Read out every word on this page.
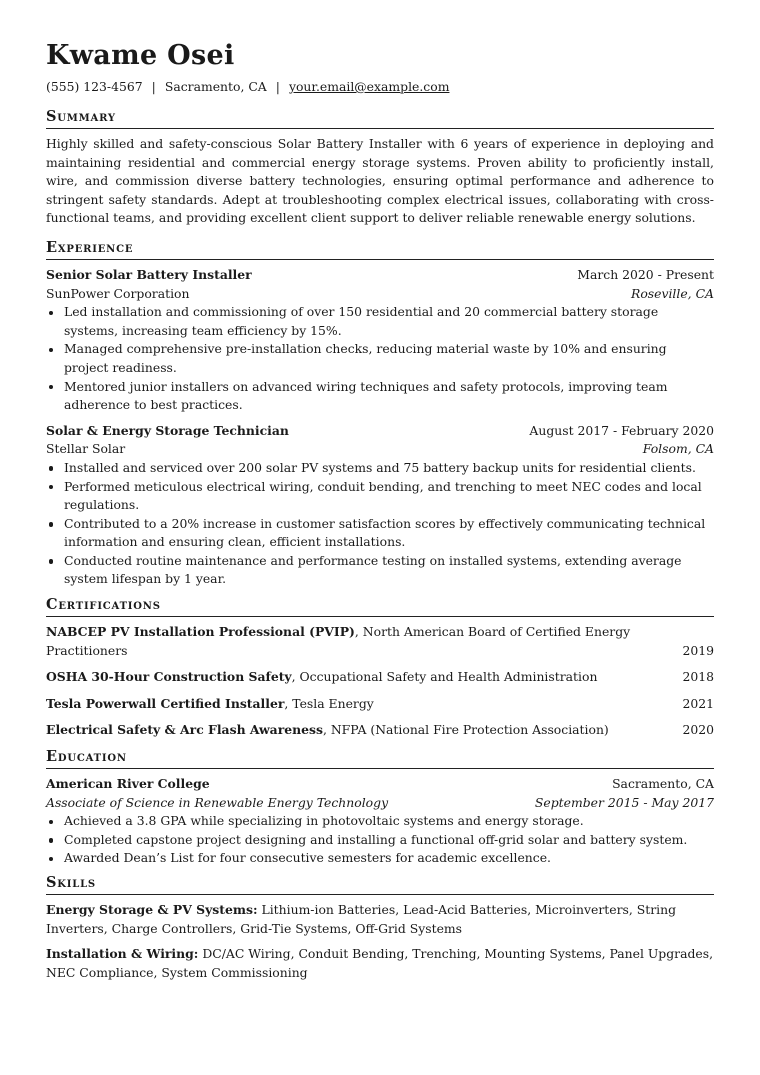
Kwame Osei
(555) 123-4567 | Sacramento, CA | your.email@example.com
Summary
Highly skilled and safety-conscious Solar Battery Installer with 6 years of experience in deploying and maintaining residential and commercial energy storage systems. Proven ability to proficiently install, wire, and commission diverse battery technologies, ensuring optimal performance and adherence to stringent safety standards. Adept at troubleshooting complex electrical issues, collaborating with cross-functional teams, and providing excellent client support to deliver reliable renewable energy solutions.
Experience
Senior Solar Battery Installer	March 2020 - Present
SunPower Corporation	Roseville, CA
Led installation and commissioning of over 150 residential and 20 commercial battery storage systems, increasing team efficiency by 15%.
Managed comprehensive pre-installation checks, reducing material waste by 10% and ensuring project readiness.
Mentored junior installers on advanced wiring techniques and safety protocols, improving team adherence to best practices.
Solar & Energy Storage Technician	August 2017 - February 2020
Stellar Solar	Folsom, CA
Installed and serviced over 200 solar PV systems and 75 battery backup units for residential clients.
Performed meticulous electrical wiring, conduit bending, and trenching to meet NEC codes and local regulations.
Contributed to a 20% increase in customer satisfaction scores by effectively communicating technical information and ensuring clean, efficient installations.
Conducted routine maintenance and performance testing on installed systems, extending average system lifespan by 1 year.
Certifications
NABCEP PV Installation Professional (PVIP), North American Board of Certified Energy Practitioners	2019
OSHA 30-Hour Construction Safety, Occupational Safety and Health Administration	2018
Tesla Powerwall Certified Installer, Tesla Energy	2021
Electrical Safety & Arc Flash Awareness, NFPA (National Fire Protection Association)	2020
Education
American River College	Sacramento, CA
Associate of Science in Renewable Energy Technology	September 2015 - May 2017
Achieved a 3.8 GPA while specializing in photovoltaic systems and energy storage.
Completed capstone project designing and installing a functional off-grid solar and battery system.
Awarded Dean’s List for four consecutive semesters for academic excellence.
Skills
Energy Storage & PV Systems: Lithium-ion Batteries, Lead-Acid Batteries, Microinverters, String Inverters, Charge Controllers, Grid-Tie Systems, Off-Grid Systems
Installation & Wiring: DC/AC Wiring, Conduit Bending, Trenching, Mounting Systems, Panel Upgrades, NEC Compliance, System Commissioning
